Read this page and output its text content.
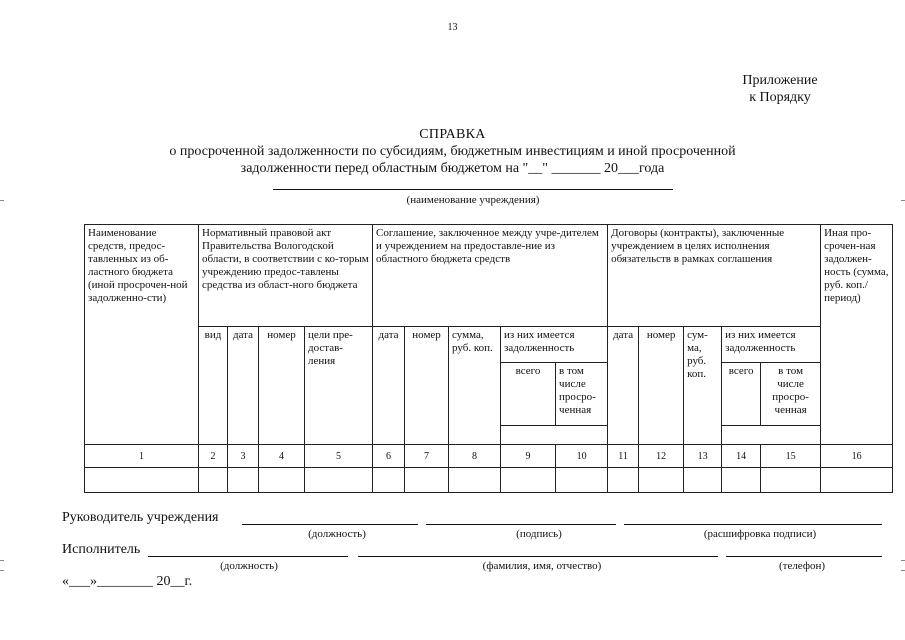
13
Приложение
к Порядку
СПРАВКА
о просроченной задолженности по субсидиям, бюджетным инвестициям и иной просроченной
задолженности перед областным бюджетом на "__" _______ 20___года
(наименование учреждения)
Наименование средств, предос-тавленных из об-ластного бюджета (иной просрочен-ной задолженно-сти)	Нормативный правовой акт Правительства Вологодской области, в соответствии с ко-торым учреждению предос-тавлены средства из област-ного бюджета				Соглашение, заключенное между учре-дителем и учреждением на предоставле-ние из областного бюджета средств					Договоры (контракты), заключенные учреждением в целях исполнения обязательств в рамках соглашения					Иная про-срочен-ная задолжен-ность (сумма, руб. коп./ период)
	вид	дата	номер	цели пре-достав-ления	дата	номер	сумма, руб. коп.	из них имеется задолженность		дата	номер	сум-ма, руб. коп.	из них имеется задолженность		
								всего	в том числе просро-ченная				всего	в том числе просро-ченная	

1	2	3	4	5	6	7	8	9	10	11	12	13	14	15	16

Руководитель учреждения
(должность)	(подпись)	(расшифровка подписи)
Исполнитель
(должность)	(фамилия, имя, отчество)	(телефон)
«___»________ 20__г.
